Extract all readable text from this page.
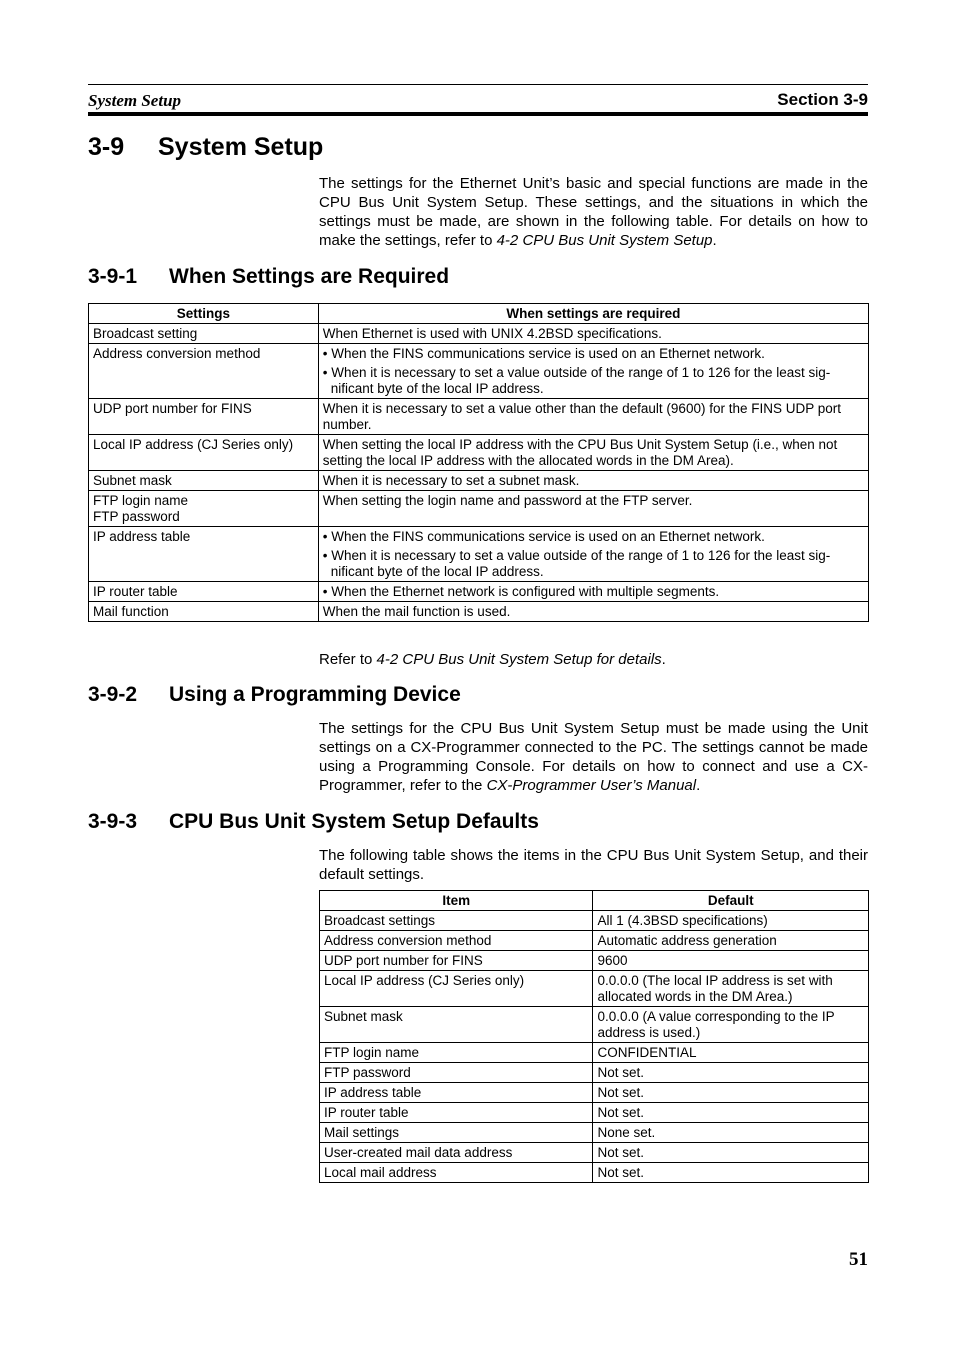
System Setup	Section 3-9
3-9 System Setup

The settings for the Ethernet Unit’s basic and special functions are made in the CPU Bus Unit System Setup. These settings, and the situations in which the settings must be made, are shown in the following table. For details on how to make the settings, refer to 4-2 CPU Bus Unit System Setup.

3-9-1 When Settings are Required
Settings	When settings are required
Broadcast setting	When Ethernet is used with UNIX 4.2BSD specifications.
Address conversion method	• When the FINS communications service is used on an Ethernet network.
• When it is necessary to set a value outside of the range of 1 to 126 for the least sig-nificant byte of the local IP address.

UDP port number for FINS	When it is necessary to set a value other than the default (9600) for the FINS UDP port number.
Local IP address (CJ Series only)	When setting the local IP address with the CPU Bus Unit System Setup (i.e., when not setting the local IP address with the allocated words in the DM Area).
Subnet mask	When it is necessary to set a subnet mask.

FTP login name
FTP password	When setting the login name and password at the FTP server.
IP address table	• When the FINS communications service is used on an Ethernet network.
• When it is necessary to set a value outside of the range of 1 to 126 for the least sig-nificant byte of the local IP address.

IP router table	• When the Ethernet network is configured with multiple segments.
Mail function	When the mail function is used.

Refer to 4-2 CPU Bus Unit System Setup for details.

3-9-2 Using a Programming Device

The settings for the CPU Bus Unit System Setup must be made using the Unit settings on a CX-Programmer connected to the PC. The settings cannot be made using a Programming Console. For details on how to connect and use a CX-Programmer, refer to the CX-Programmer User’s Manual.

3-9-3 CPU Bus Unit System Setup Defaults

The following table shows the items in the CPU Bus Unit System Setup, and their default settings.

Item	Default
Broadcast settings	All 1 (4.3BSD specifications)
Address conversion method	Automatic address generation
UDP port number for FINS	9600
Local IP address (CJ Series only)	0.0.0.0 (The local IP address is set with allocated words in the DM Area.)
Subnet mask	0.0.0.0 (A value corresponding to the IP address is used.)
FTP login name	CONFIDENTIAL
FTP password	Not set.
IP address table	Not set.
IP router table	Not set.
Mail settings	None set.
User-created mail data address	Not set.
Local mail address	Not set.
51
